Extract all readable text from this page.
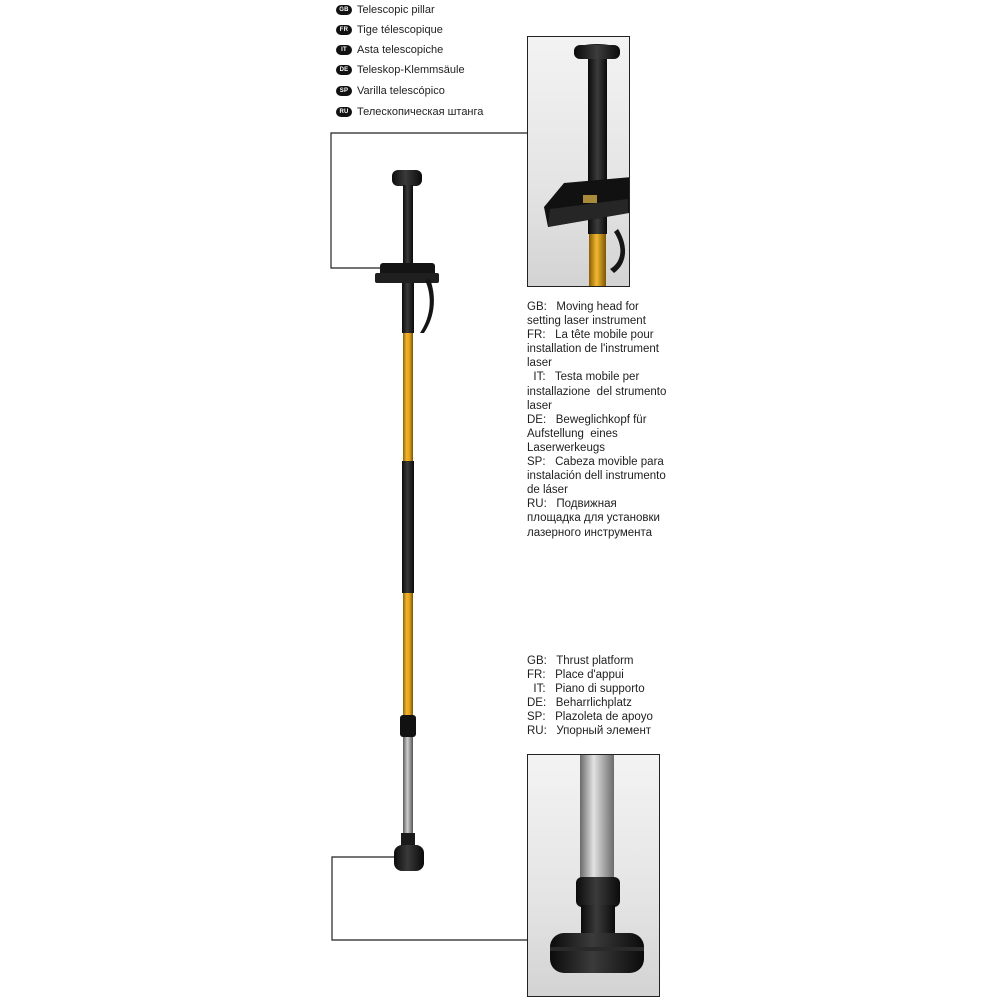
GB Telescopic pillar
FR Tige télescopique
IT Asta telescopiche
DE Teleskop-Klemmsäule
SP Varilla telescópico
RU Телескопическая штанга
GB:   Moving head for
setting laser instrument
FR:   La tête mobile pour
installation de l'instrument
laser
IT:   Testa mobile per
installazione  del strumento
laser
DE:   Beweglichkopf für
Aufstellung  eines
Laserwerkeugs
SP:   Cabeza movible para
instalación dell instrumento
de láser
RU:   Подвижная
площадка для установки
лазерного инструмента
GB:   Thrust platform
FR:   Place d'appui
IT:   Piano di supporto
DE:   Beharrlichplatz
SP:   Plazoleta de apoyo
RU:   Упорный элемент
